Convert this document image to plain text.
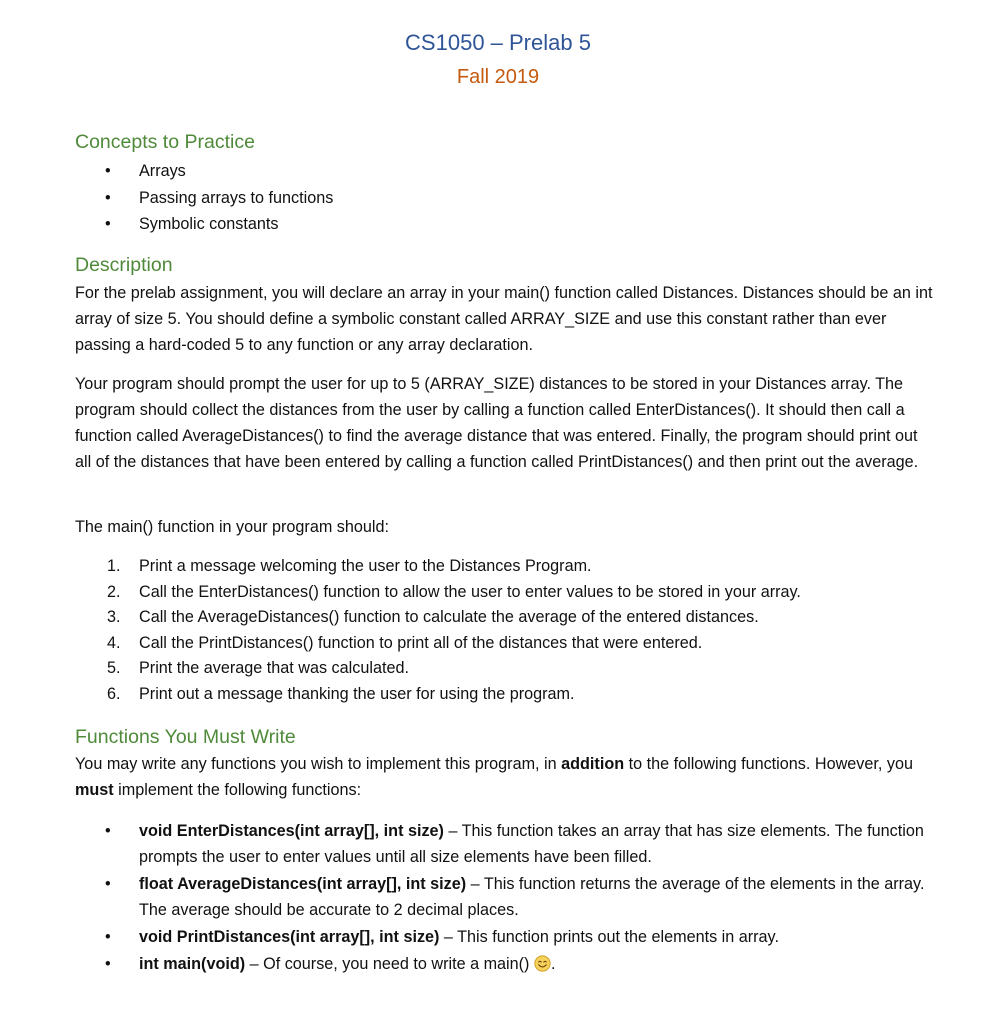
CS1050 – Prelab 5
Fall 2019
Concepts to Practice
• Arrays
• Passing arrays to functions
• Symbolic constants
Description
For the prelab assignment, you will declare an array in your main() function called Distances. Distances should be an int array of size 5. You should define a symbolic constant called ARRAY_SIZE and use this constant rather than ever passing a hard-coded 5 to any function or any array declaration.
Your program should prompt the user for up to 5 (ARRAY_SIZE) distances to be stored in your Distances array. The program should collect the distances from the user by calling a function called EnterDistances(). It should then call a function called AverageDistances() to find the average distance that was entered. Finally, the program should print out all of the distances that have been entered by calling a function called PrintDistances() and then print out the average.
The main() function in your program should:
1. Print a message welcoming the user to the Distances Program.
2. Call the EnterDistances() function to allow the user to enter values to be stored in your array.
3. Call the AverageDistances() function to calculate the average of the entered distances.
4. Call the PrintDistances() function to print all of the distances that were entered.
5. Print the average that was calculated.
6. Print out a message thanking the user for using the program.
Functions You Must Write
You may write any functions you wish to implement this program, in addition to the following functions. However, you must implement the following functions:
• void EnterDistances(int array[], int size) – This function takes an array that has size elements. The function prompts the user to enter values until all size elements have been filled.
• float AverageDistances(int array[], int size) – This function returns the average of the elements in the array. The average should be accurate to 2 decimal places.
• void PrintDistances(int array[], int size) – This function prints out the elements in array.
• int main(void) – Of course, you need to write a main() .
